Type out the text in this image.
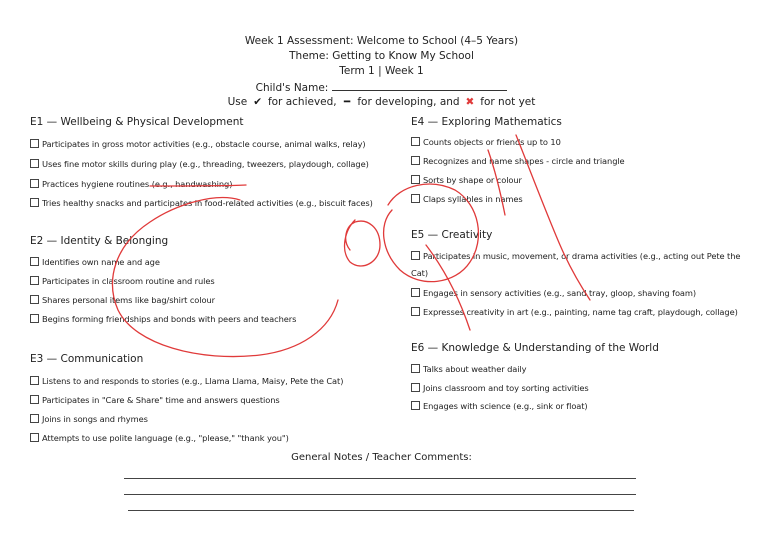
Week 1 Assessment: Welcome to School (4–5 Years)
Theme: Getting to Know My School
Term 1 | Week 1
Child's Name:
Use ✔ for achieved, ━ for developing, and ✖ for not yet
E1 — Wellbeing & Physical Development
Participates in gross motor activities (e.g., obstacle course, animal walks, relay)
Uses fine motor skills during play (e.g., threading, tweezers, playdough, collage)
Practices hygiene routines (e.g., handwashing)
Tries healthy snacks and participates in food-related activities (e.g., biscuit faces)
E2 — Identity & Belonging
Identifies own name and age
Participates in classroom routine and rules
Shares personal items like bag/shirt colour
Begins forming friendships and bonds with peers and teachers
E3 — Communication
Listens to and responds to stories (e.g., Llama Llama, Maisy, Pete the Cat)
Participates in "Care & Share" time and answers questions
Joins in songs and rhymes
Attempts to use polite language (e.g., "please," "thank you")
E4 — Exploring Mathematics
Counts objects or friends up to 10
Recognizes and name shapes - circle and triangle
Sorts by shape or colour
Claps syllables in names
E5 — Creativity
Participates in music, movement, or drama activities (e.g., acting out Pete the
Cat)
Engages in sensory activities (e.g., sand tray, gloop, shaving foam)
Expresses creativity in art (e.g., painting, name tag craft, playdough, collage)
E6 — Knowledge & Understanding of the World
Talks about weather daily
Joins classroom and toy sorting activities
Engages with science (e.g., sink or float)
General Notes / Teacher Comments:
